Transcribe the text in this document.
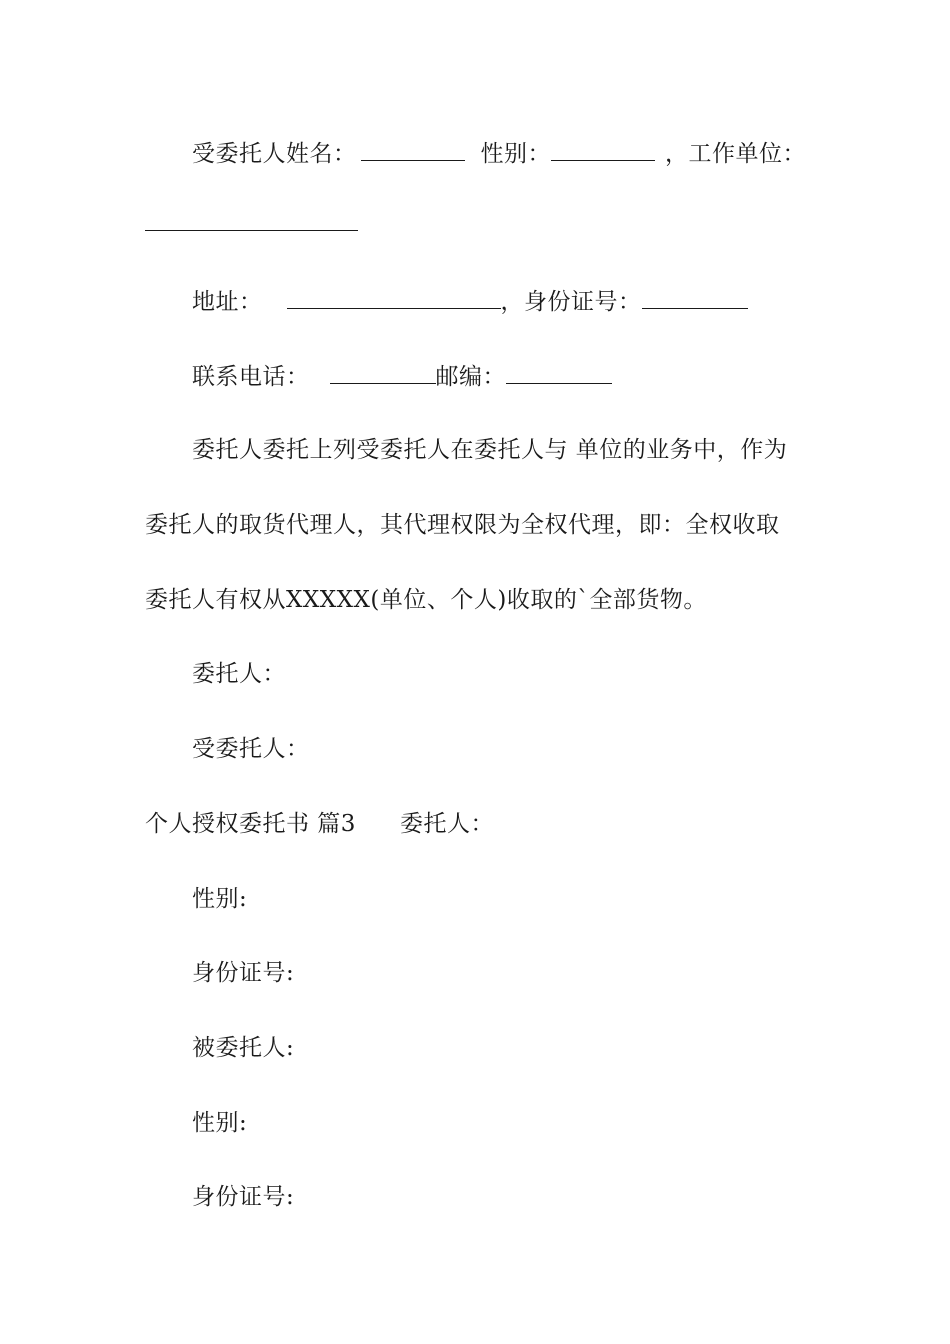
受委托人姓名：	性别：	，工作单位：
地址：	，身份证号：
联系电话：	邮编：
委托人委托上列受委托人在委托人与 单位的业务中，作为
委托人的取货代理人，其代理权限为全权代理，即：全权收取
委托人有权从XXXXX(单位、个人)收取的`全部货物。
委托人：
受委托人：
个人授权委托书 篇3 委托人：
性别:
身份证号:
被委托人:
性别:
身份证号:
